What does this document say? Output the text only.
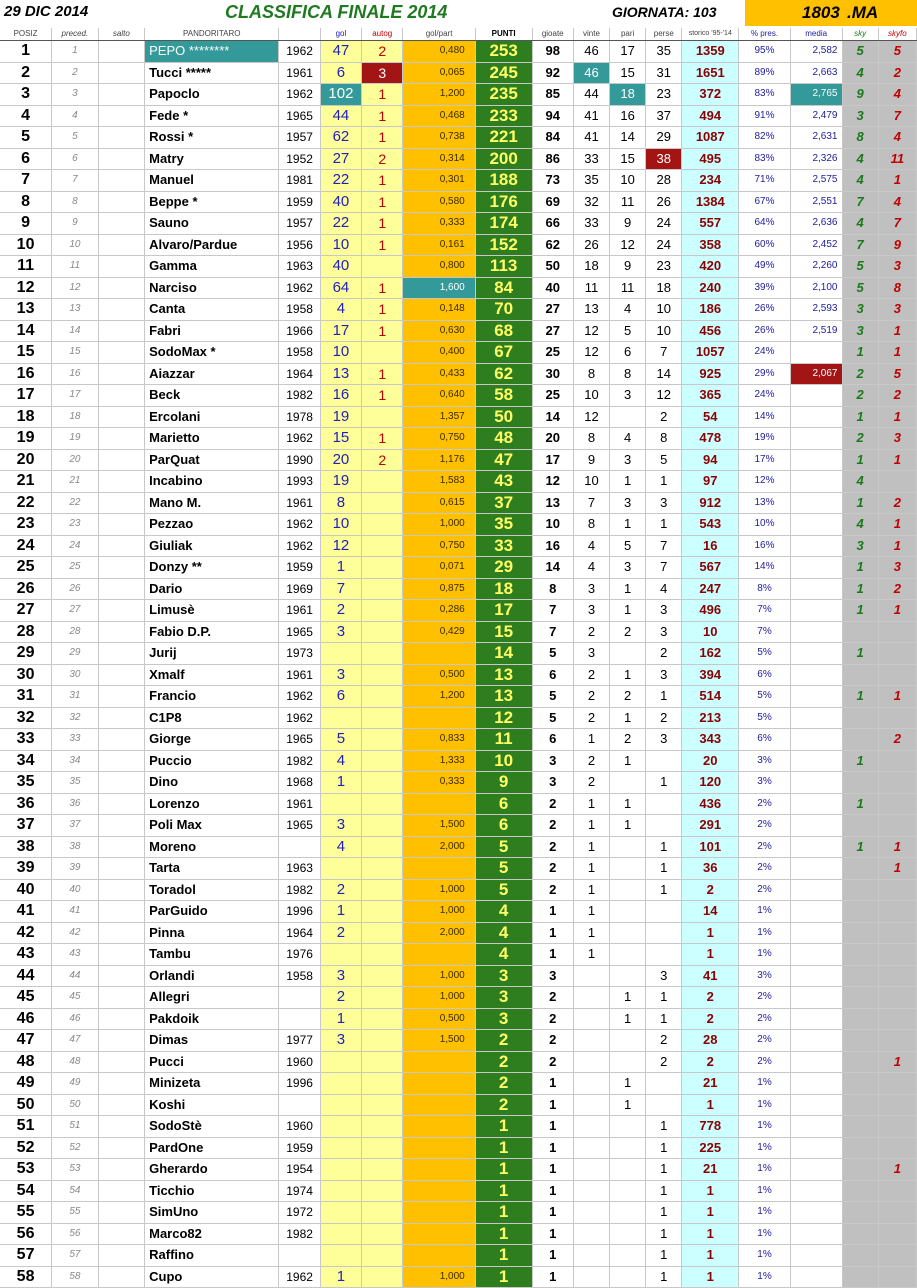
29 DIC 2014	CLASSIFICA FINALE 2014	GIORNATA: 103	1803 .MA
POSIZ	preced.	salto	PANDORITARO		gol	autog	gol/part	PUNTI	gioate	vinte	pari	perse	storico '95-'14	% pres.	media	sky	skyfo
1	1		PEPO ********	1962	47	2	0,480	253	98	46	17	35	1359	95%	2,582	5	5
2	2		Tucci *****	1961	6	3	0,065	245	92	46	15	31	1651	89%	2,663	4	2
3	3		Papoclo	1962	102	1	1,200	235	85	44	18	23	372	83%	2,765	9	4
4	4		Fede *	1965	44	1	0,468	233	94	41	16	37	494	91%	2,479	3	7
5	5		Rossi *	1957	62	1	0,738	221	84	41	14	29	1087	82%	2,631	8	4
6	6		Matry	1952	27	2	0,314	200	86	33	15	38	495	83%	2,326	4	11
7	7		Manuel	1981	22	1	0,301	188	73	35	10	28	234	71%	2,575	4	1
8	8		Beppe *	1959	40	1	0,580	176	69	32	11	26	1384	67%	2,551	7	4
9	9		Sauno	1957	22	1	0,333	174	66	33	9	24	557	64%	2,636	4	7
10	10		Alvaro/Pardue	1956	10	1	0,161	152	62	26	12	24	358	60%	2,452	7	9
11	11		Gamma	1963	40		0,800	113	50	18	9	23	420	49%	2,260	5	3
12	12		Narciso	1962	64	1	1,600	84	40	11	11	18	240	39%	2,100	5	8
13	13		Canta	1958	4	1	0,148	70	27	13	4	10	186	26%	2,593	3	3
14	14		Fabri	1966	17	1	0,630	68	27	12	5	10	456	26%	2,519	3	1
15	15		SodoMax *	1958	10		0,400	67	25	12	6	7	1057	24%		1	1
16	16		Aiazzar	1964	13	1	0,433	62	30	8	8	14	925	29%	2,067	2	5
17	17		Beck	1982	16	1	0,640	58	25	10	3	12	365	24%		2	2
18	18		Ercolani	1978	19		1,357	50	14	12		2	54	14%		1	1
19	19		Marietto	1962	15	1	0,750	48	20	8	4	8	478	19%		2	3
20	20		ParQuat	1990	20	2	1,176	47	17	9	3	5	94	17%		1	1
21	21		Incabino	1993	19		1,583	43	12	10	1	1	97	12%		4	
22	22		Mano M.	1961	8		0,615	37	13	7	3	3	912	13%		1	2
23	23		Pezzao	1962	10		1,000	35	10	8	1	1	543	10%		4	1
24	24		Giuliak	1962	12		0,750	33	16	4	5	7	16	16%		3	1
25	25		Donzy **	1959	1		0,071	29	14	4	3	7	567	14%		1	3
26	26		Dario	1969	7		0,875	18	8	3	1	4	247	8%		1	2
27	27		Limusè	1961	2		0,286	17	7	3	1	3	496	7%		1	1
28	28		Fabio D.P.	1965	3		0,429	15	7	2	2	3	10	7%			
29	29		Jurij	1973				14	5	3		2	162	5%		1	
30	30		Xmalf	1961	3		0,500	13	6	2	1	3	394	6%			
31	31		Francio	1962	6		1,200	13	5	2	2	1	514	5%		1	1
32	32		C1P8	1962				12	5	2	1	2	213	5%			
33	33		Giorge	1965	5		0,833	11	6	1	2	3	343	6%			2
34	34		Puccio	1982	4		1,333	10	3	2	1		20	3%		1	
35	35		Dino	1968	1		0,333	9	3	2		1	120	3%			
36	36		Lorenzo	1961				6	2	1	1		436	2%		1	
37	37		Poli Max	1965	3		1,500	6	2	1	1		291	2%			
38	38		Moreno		4		2,000	5	2	1		1	101	2%		1	1
39	39		Tarta	1963				5	2	1		1	36	2%			1
40	40		Toradol	1982	2		1,000	5	2	1		1	2	2%			
41	41		ParGuido	1996	1		1,000	4	1	1			14	1%			
42	42		Pinna	1964	2		2,000	4	1	1			1	1%			
43	43		Tambu	1976				4	1	1			1	1%			
44	44		Orlandi	1958	3		1,000	3	3			3	41	3%			
45	45		Allegri		2		1,000	3	2		1	1	2	2%			
46	46		Pakdoik		1		0,500	3	2		1	1	2	2%			
47	47		Dimas	1977	3		1,500	2	2			2	28	2%			
48	48		Pucci	1960				2	2			2	2	2%			1
49	49		Minizeta	1996				2	1		1		21	1%			
50	50		Koshi					2	1		1		1	1%			
51	51		SodoStè	1960				1	1			1	778	1%			
52	52		PardOne	1959				1	1			1	225	1%			
53	53		Gherardo	1954				1	1			1	21	1%			1
54	54		Ticchio	1974				1	1			1	1	1%			
55	55		SimUno	1972				1	1			1	1	1%			
56	56		Marco82	1982				1	1			1	1	1%			
57	57		Raffino					1	1			1	1	1%			
58	58		Cupo	1962	1		1,000	1	1			1	1	1%			
